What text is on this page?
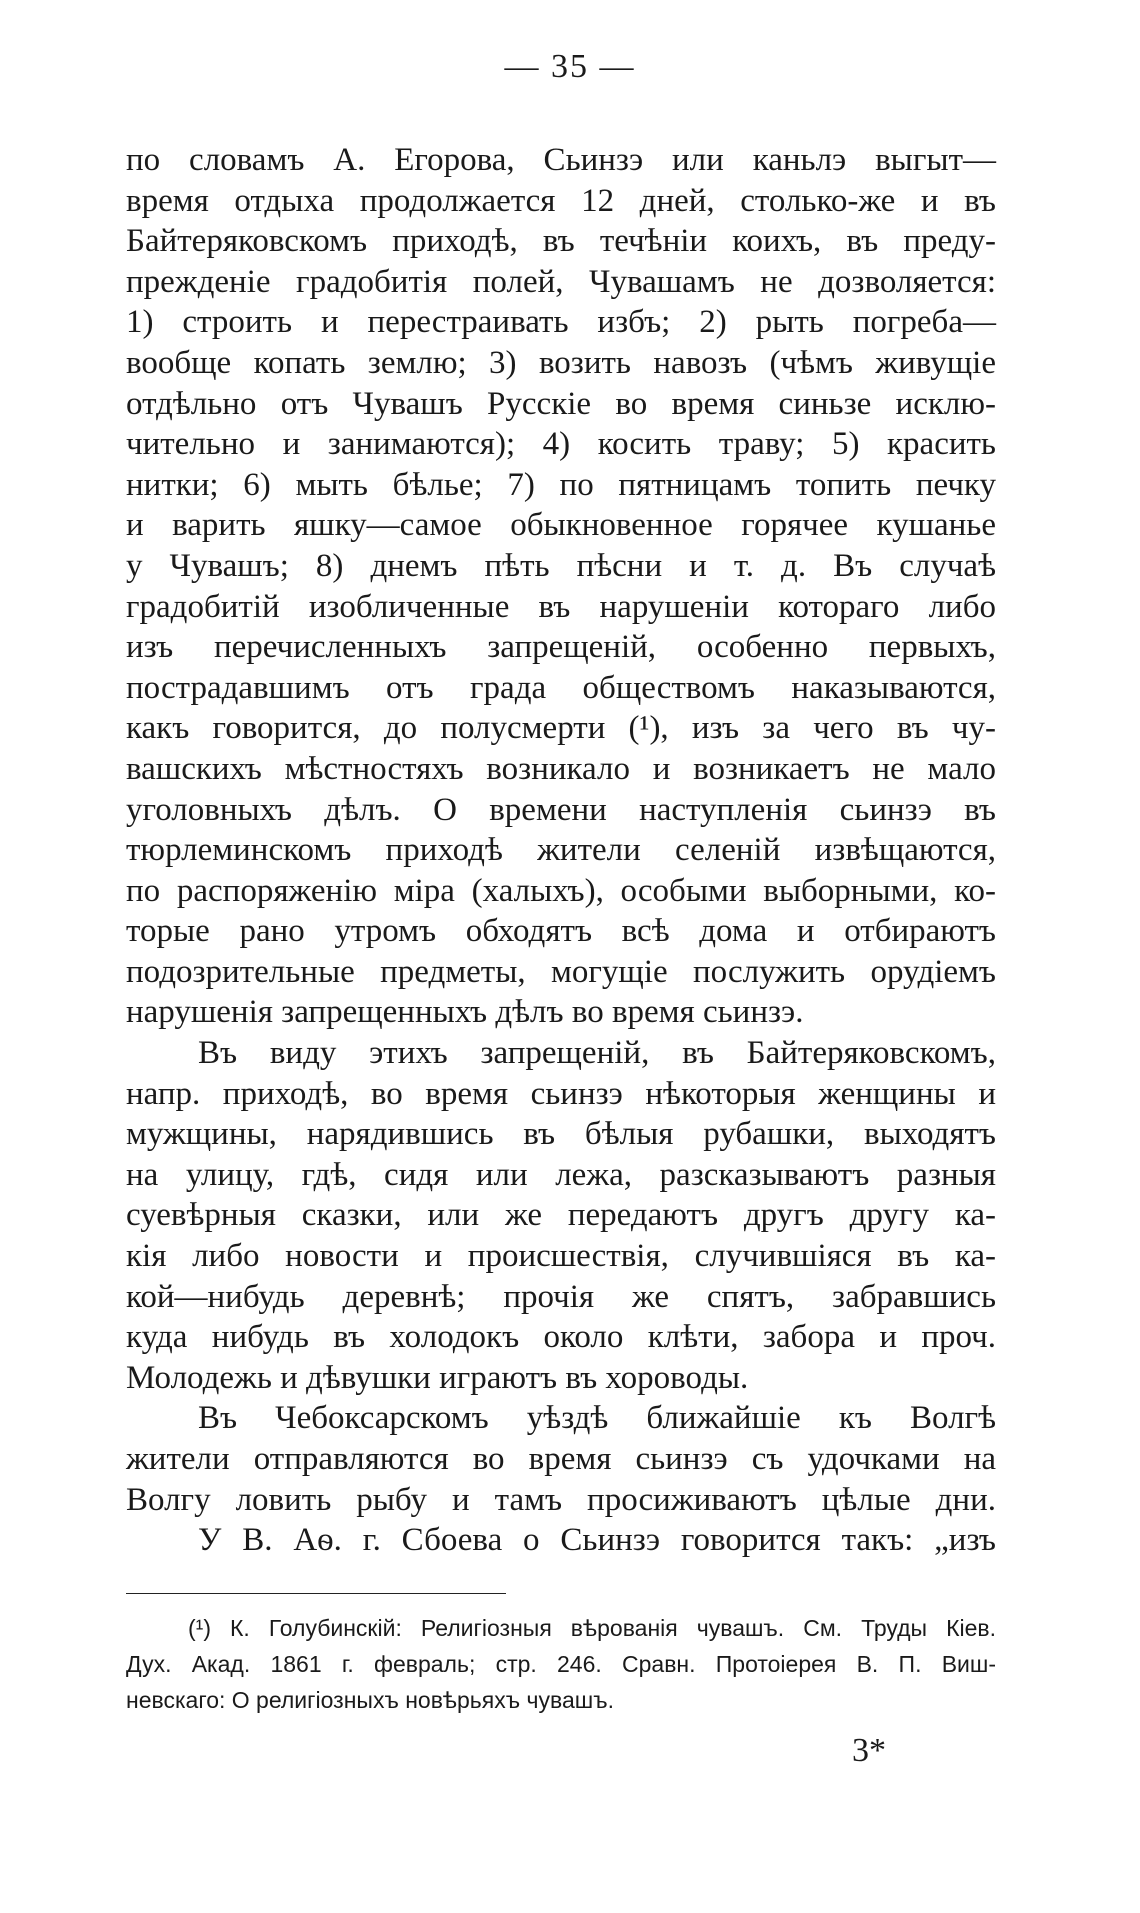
— 35 —
по словамъ А. Егорова, Сьинзэ или каньлэ выгыт—
время отдыха продолжается 12 дней, столько-же и въ
Байтеряковскомъ приходѣ, въ течѣніи коихъ, въ преду-
прежденіе градобитія полей, Чувашамъ не дозволяется:
1) строить и перестраивать избъ; 2) рыть погреба—
вообще копать землю; 3) возить навозъ (чѣмъ живущіе
отдѣльно отъ Чувашъ Русскіе во время синьзе исклю-
чительно и занимаются); 4) косить траву; 5) красить
нитки; 6) мыть бѣлье; 7) по пятницамъ топить печку
и варить яшку—самое обыкновенное горячее кушанье
у Чувашъ; 8) днемъ пѣть пѣсни и т. д. Въ случаѣ
градобитій изобличенные въ нарушеніи котораго либо
изъ перечисленныхъ запрещеній, особенно первыхъ,
пострадавшимъ отъ града обществомъ наказываются,
какъ говорится, до полусмерти (¹), изъ за чего въ чу-
вашскихъ мѣстностяхъ возникало и возникаетъ не мало
уголовныхъ дѣлъ. О времени наступленія сьинзэ въ
тюрлеминскомъ приходѣ жители селеній извѣщаются,
по распоряженію міра (халыхъ), особыми выборными, ко-
торые рано утромъ обходятъ всѣ дома и отбираютъ
подозрительные предметы, могущіе послужить орудіемъ
нарушенія запрещенныхъ дѣлъ во время сьинзэ.
Въ виду этихъ запрещеній, въ Байтеряковскомъ,
напр. приходѣ, во время сьинзэ нѣкоторыя женщины и
мужщины, нарядившись въ бѣлыя рубашки, выходятъ
на улицу, гдѣ, сидя или лежа, разсказываютъ разныя
суевѣрныя сказки, или же передаютъ другъ другу ка-
кія либо новости и происшествія, случившіяся въ ка-
кой—нибудь деревнѣ; прочія же спятъ, забравшись
куда нибудь въ холодокъ около клѣти, забора и проч.
Молодежь и дѣвушки играютъ въ хороводы.
Въ Чебоксарскомъ уѣздѣ ближайшіе къ Волгѣ
жители отправляются во время сьинзэ съ удочками на
Волгу ловить рыбу и тамъ просиживаютъ цѣлые дни.
У В. Аѳ. г. Сбоева о Сьинзэ говорится такъ: „изъ
(¹) К. Голубинскій: Религіозныя вѣрованія чувашъ. См. Труды Кіев.
Дух. Акад. 1861 г. февраль; стр. 246. Сравн. Протоіерея В. П. Виш-
невскаго: О религіозныхъ новѣрьяхъ чувашъ.
3*
